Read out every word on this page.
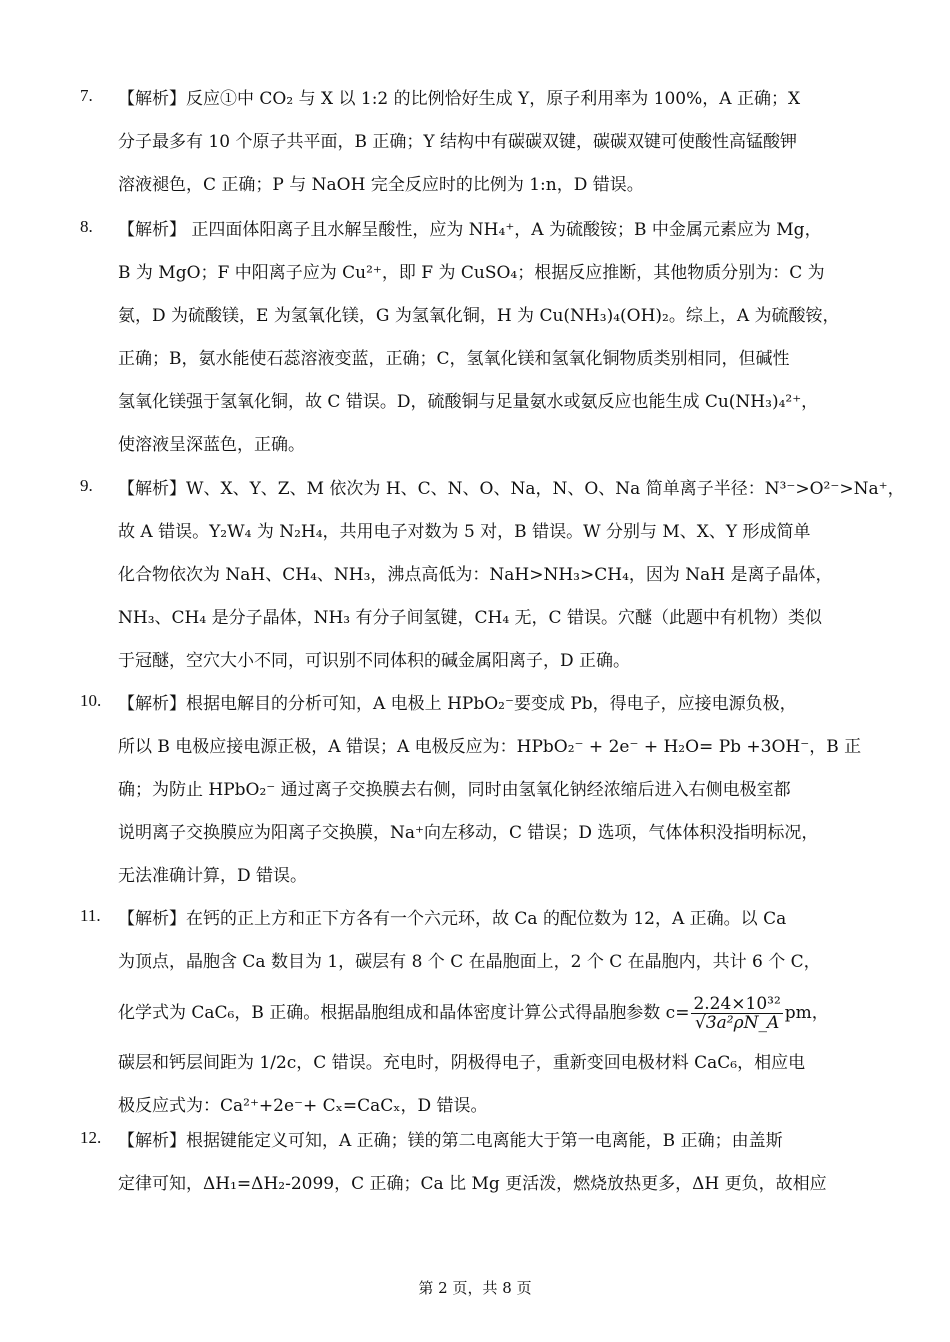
7.	【解析】反应①中 CO₂ 与 X 以 1:2 的比例恰好生成 Y，原子利用率为 100%，A 正确；X
分子最多有 10 个原子共平面，B 正确；Y 结构中有碳碳双键，碳碳双键可使酸性高锰酸钾
溶液褪色，C 正确；P 与 NaOH 完全反应时的比例为 1:n，D 错误。
8.	【解析】 正四面体阳离子且水解呈酸性，应为 NH₄⁺，A 为硫酸铵；B 中金属元素应为 Mg，
B 为 MgO；F 中阳离子应为 Cu²⁺，即 F 为 CuSO₄；根据反应推断，其他物质分别为：C 为
氨，D 为硫酸镁，E 为氢氧化镁，G 为氢氧化铜，H 为 Cu(NH₃)₄(OH)₂。综上，A 为硫酸铵，
正确；B，氨水能使石蕊溶液变蓝，正确；C，氢氧化镁和氢氧化铜物质类别相同，但碱性
氢氧化镁强于氢氧化铜，故 C 错误。D，硫酸铜与足量氨水或氨反应也能生成 Cu(NH₃)₄²⁺，
使溶液呈深蓝色，正确。
9.	【解析】W、X、Y、Z、M 依次为 H、C、N、O、Na，N、O、Na 简单离子半径：N³⁻>O²⁻>Na⁺，
故 A 错误。Y₂W₄ 为 N₂H₄，共用电子对数为 5 对，B 错误。W 分别与 M、X、Y 形成简单
化合物依次为 NaH、CH₄、NH₃，沸点高低为：NaH>NH₃>CH₄，因为 NaH 是离子晶体，
NH₃、CH₄ 是分子晶体，NH₃ 有分子间氢键，CH₄ 无，C 错误。穴醚（此题中有机物）类似
于冠醚，空穴大小不同，可识别不同体积的碱金属阳离子，D 正确。
10. 【解析】根据电解目的分析可知，A 电极上 HPbO₂⁻要变成 Pb，得电子，应接电源负极，
所以 B 电极应接电源正极，A 错误；A 电极反应为：HPbO₂⁻ + 2e⁻ + H₂O= Pb +3OH⁻，B 正
确；为防止 HPbO₂⁻ 通过离子交换膜去右侧，同时由氢氧化钠经浓缩后进入右侧电极室都
说明离子交换膜应为阳离子交换膜，Na⁺向左移动，C 错误；D 选项，气体体积没指明标况，
无法准确计算，D 错误。
11.	【解析】在钙的正上方和正下方各有一个六元环，故 Ca 的配位数为 12，A 正确。以 Ca
为顶点，晶胞含 Ca 数目为 1，碳层有 8 个 C 在晶胞面上，2 个 C 在晶胞内，共计 6 个 C，
化学式为 CaC₆，B 正确。根据晶胞组成和晶体密度计算公式得晶胞参数 $c= \frac{\text{2.24×10³²}}{\text{√3a²ρN\_A}}$ pm，
碳层和钙层间距为 1/2c，C 错误。充电时，阴极得电子，重新变回电极材料 CaC₆，相应电
极反应式为：Ca²⁺+2e⁻+ Cₓ=CaCₓ，D 错误。
12. 【解析】根据键能定义可知，A 正确；镁的第二电离能大于第一电离能，B 正确；由盖斯
定律可知，ΔH₁=ΔH₂-2099，C 正确；Ca 比 Mg 更活泼，燃烧放热更多，ΔH 更负，故相应
第 2 页，共 8 页
